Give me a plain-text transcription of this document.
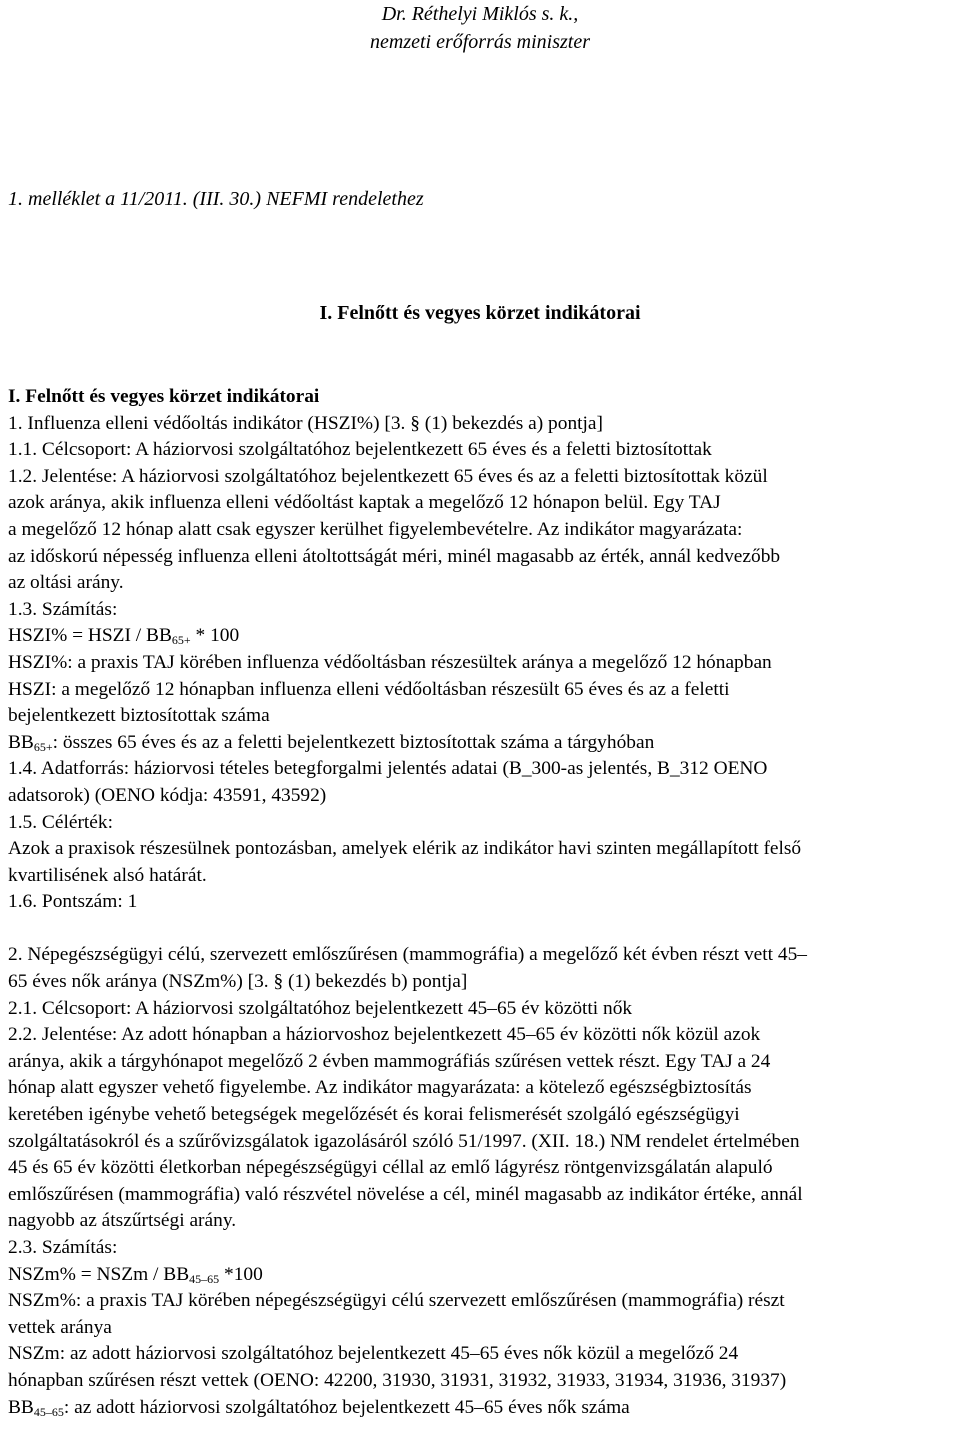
Dr. Réthelyi Miklós s. k.,
nemzeti erőforrás miniszter
1. melléklet a 11/2011. (III. 30.) NEFMI rendelethez
I. Felnőtt és vegyes körzet indikátorai
I. Felnőtt és vegyes körzet indikátorai
1. Influenza elleni védőoltás indikátor (HSZI%) [3. § (1) bekezdés a) pontja]
1.1. Célcsoport: A háziorvosi szolgáltatóhoz bejelentkezett 65 éves és a feletti biztosítottak
1.2. Jelentése: A háziorvosi szolgáltatóhoz bejelentkezett 65 éves és az a feletti biztosítottak közül
azok aránya, akik influenza elleni védőoltást kaptak a megelőző 12 hónapon belül. Egy TAJ
a megelőző 12 hónap alatt csak egyszer kerülhet figyelembevételre. Az indikátor magyarázata:
az időskorú népesség influenza elleni átoltottságát méri, minél magasabb az érték, annál kedvezőbb
az oltási arány.
1.3. Számítás:
HSZI% = HSZI / $BB_{65+} * 100$
HSZI%: a praxis TAJ körében influenza védőoltásban részesültek aránya a megelőző 12 hónapban
HSZI: a megelőző 12 hónapban influenza elleni védőoltásban részesült 65 éves és az a feletti
bejelentkezett biztosítottak száma
$BB_{65+}$: összes 65 éves és az a feletti bejelentkezett biztosítottak száma a tárgyhóban
1.4. Adatforrás: háziorvosi tételes betegforgalmi jelentés adatai (B_300-as jelentés, B_312 OENO
adatsorok) (OENO kódja: 43591, 43592)
1.5. Célérték:
Azok a praxisok részesülnek pontozásban, amelyek elérik az indikátor havi szinten megállapított felső
kvartilisének alsó határát.
1.6. Pontszám: 1
2. Népegészségügyi célú, szervezett emlőszűrésen (mammográfia) a megelőző két évben részt vett 45–
65 éves nők aránya (NSZm%) [3. § (1) bekezdés b) pontja]
2.1. Célcsoport: A háziorvosi szolgáltatóhoz bejelentkezett 45–65 év közötti nők
2.2. Jelentése: Az adott hónapban a háziorvoshoz bejelentkezett 45–65 év közötti nők közül azok
aránya, akik a tárgyhónapot megelőző 2 évben mammográfiás szűrésen vettek részt. Egy TAJ a 24
hónap alatt egyszer vehető figyelembe. Az indikátor magyarázata: a kötelező egészségbiztosítás
keretében igénybe vehető betegségek megelőzését és korai felismerését szolgáló egészségügyi
szolgáltatásokról és a szűrővizsgálatok igazolásáról szóló 51/1997. (XII. 18.) NM rendelet értelmében
45 és 65 év közötti életkorban népegészségügyi céllal az emlő lágyrész röntgenvizsgálatán alapuló
emlőszűrésen (mammográfia) való részvétel növelése a cél, minél magasabb az indikátor értéke, annál
nagyobb az átszűrtségi arány.
2.3. Számítás:
NSZm% = NSZm / $BB_{45-65}$ *100
NSZm%: a praxis TAJ körében népegészségügyi célú szervezett emlőszűrésen (mammográfia) részt
vettek aránya
NSZm: az adott háziorvosi szolgáltatóhoz bejelentkezett 45–65 éves nők közül a megelőző 24
hónapban szűrésen részt vettek (OENO: 42200, 31930, 31931, 31932, 31933, 31934, 31936, 31937)
$BB_{45-65}$: az adott háziorvosi szolgáltatóhoz bejelentkezett 45–65 éves nők száma
